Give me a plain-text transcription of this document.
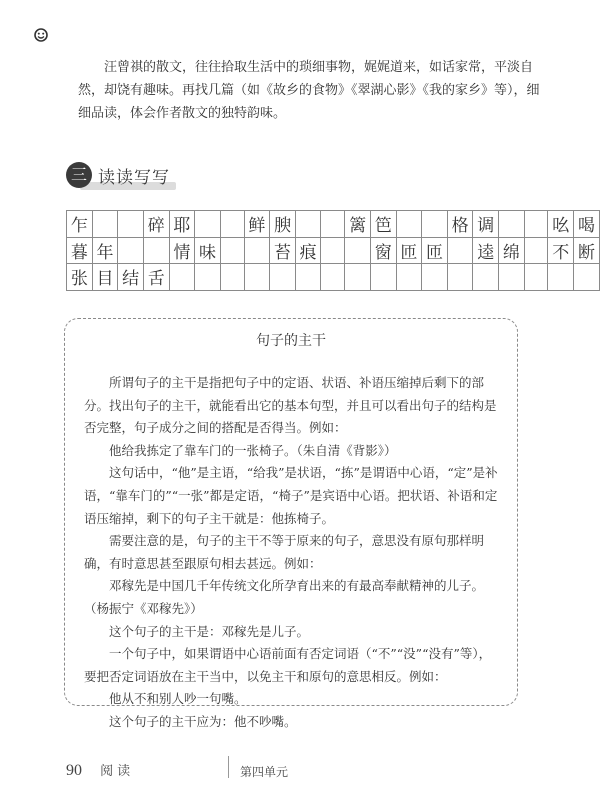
汪曾祺的散文，往往拾取生活中的琐细事物，娓娓道来，如话家常，平淡自然，却饶有趣味。再找几篇（如《故乡的食物》《翠湖心影》《我的家乡》等），细细品读，体会作者散文的独特韵味。

三 读读写写
乍			碎	耶			鲜	腴			篱	笆			格	调			吆	喝
暮	年			情	味			苔	痕			窗	匝	匝		逵	绵		不	断
张	目	结	舌																	
句子的主干

所谓句子的主干是指把句子中的定语、状语、补语压缩掉后剩下的部分。找出句子的主干，就能看出它的基本句型，并且可以看出句子的结构是否完整，句子成分之间的搭配是否得当。例如：

他给我拣定了靠车门的一张椅子。（朱自清《背影》）

这句话中，“他”是主语，“给我”是状语，“拣”是谓语中心语，“定”是补语，“靠车门的”“一张”都是定语，“椅子”是宾语中心语。把状语、补语和定语压缩掉，剩下的句子主干就是：他拣椅子。

需要注意的是，句子的主干不等于原来的句子，意思没有原句那样明确，有时意思甚至跟原句相去甚远。例如：

邓稼先是中国几千年传统文化所孕育出来的有最高奉献精神的儿子。（杨振宁《邓稼先》）

这个句子的主干是：邓稼先是儿子。

一个句子中，如果谓语中心语前面有否定词语（“不”“没”“没有”等），要把否定词语放在主干当中，以免主干和原句的意思相反。例如：

他从不和别人吵一句嘴。

这个句子的主干应为：他不吵嘴。

90 阅读	第四单元
